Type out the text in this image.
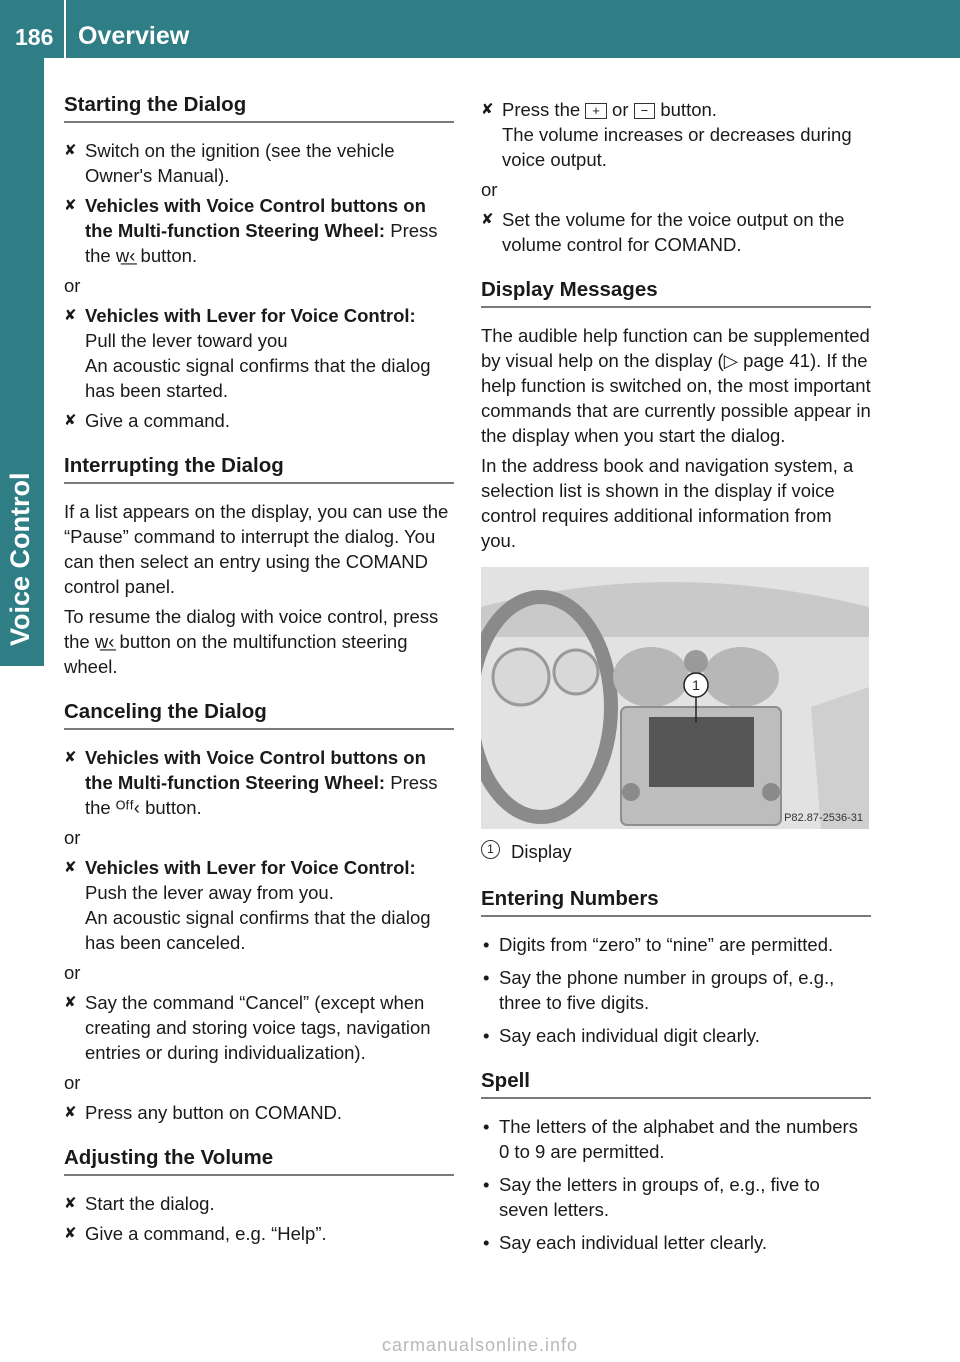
186 Overview
Voice Control
Starting the Dialog
✘ Switch on the ignition (see the vehicle Owner's Manual).
✘ Vehicles with Voice Control buttons on the Multi-function Steering Wheel: Press the w͟‹ button.
or
✘ Vehicles with Lever for Voice Control:
Pull the lever toward you
An acoustic signal confirms that the dialog has been started.
✘ Give a command.
Interrupting the Dialog

If a list appears on the display, you can use the “Pause” command to interrupt the dialog. You can then select an entry using the COMAND control panel.

To resume the dialog with voice control, press the w͟‹ button on the multifunction steering wheel.

Canceling the Dialog
✘ Vehicles with Voice Control buttons on the Multi-function Steering Wheel: Press the ᴼᶠᶠ‹ button.
or
✘ Vehicles with Lever for Voice Control:
Push the lever away from you.
An acoustic signal confirms that the dialog has been canceled.
or
✘ Say the command “Cancel” (except when creating and storing voice tags, navigation entries or during individualization).
or
✘ Press any button on COMAND.
Adjusting the Volume
✘ Start the dialog.
✘ Give a command, e.g. “Help”.
✘ Press the + or − button.
The volume increases or decreases during voice output.
or
✘ Set the volume for the voice output on the volume control for COMAND.
Display Messages

The audible help function can be supplemented by visual help on the display (▷ page 41). If the help function is switched on, the most important commands that are currently possible appear in the display when you start the dialog.

In the address book and navigation system, a selection list is shown in the display if voice control requires additional information from you.

1
P82.87-2536-31
1 Display
Entering Numbers
• Digits from “zero” to “nine” are permitted.
• Say the phone number in groups of, e.g., three to five digits.
• Say each individual digit clearly.
Spell
• The letters of the alphabet and the numbers 0 to 9 are permitted.
• Say the letters in groups of, e.g., five to seven letters.
• Say each individual letter clearly.
carmanualsonline.info
